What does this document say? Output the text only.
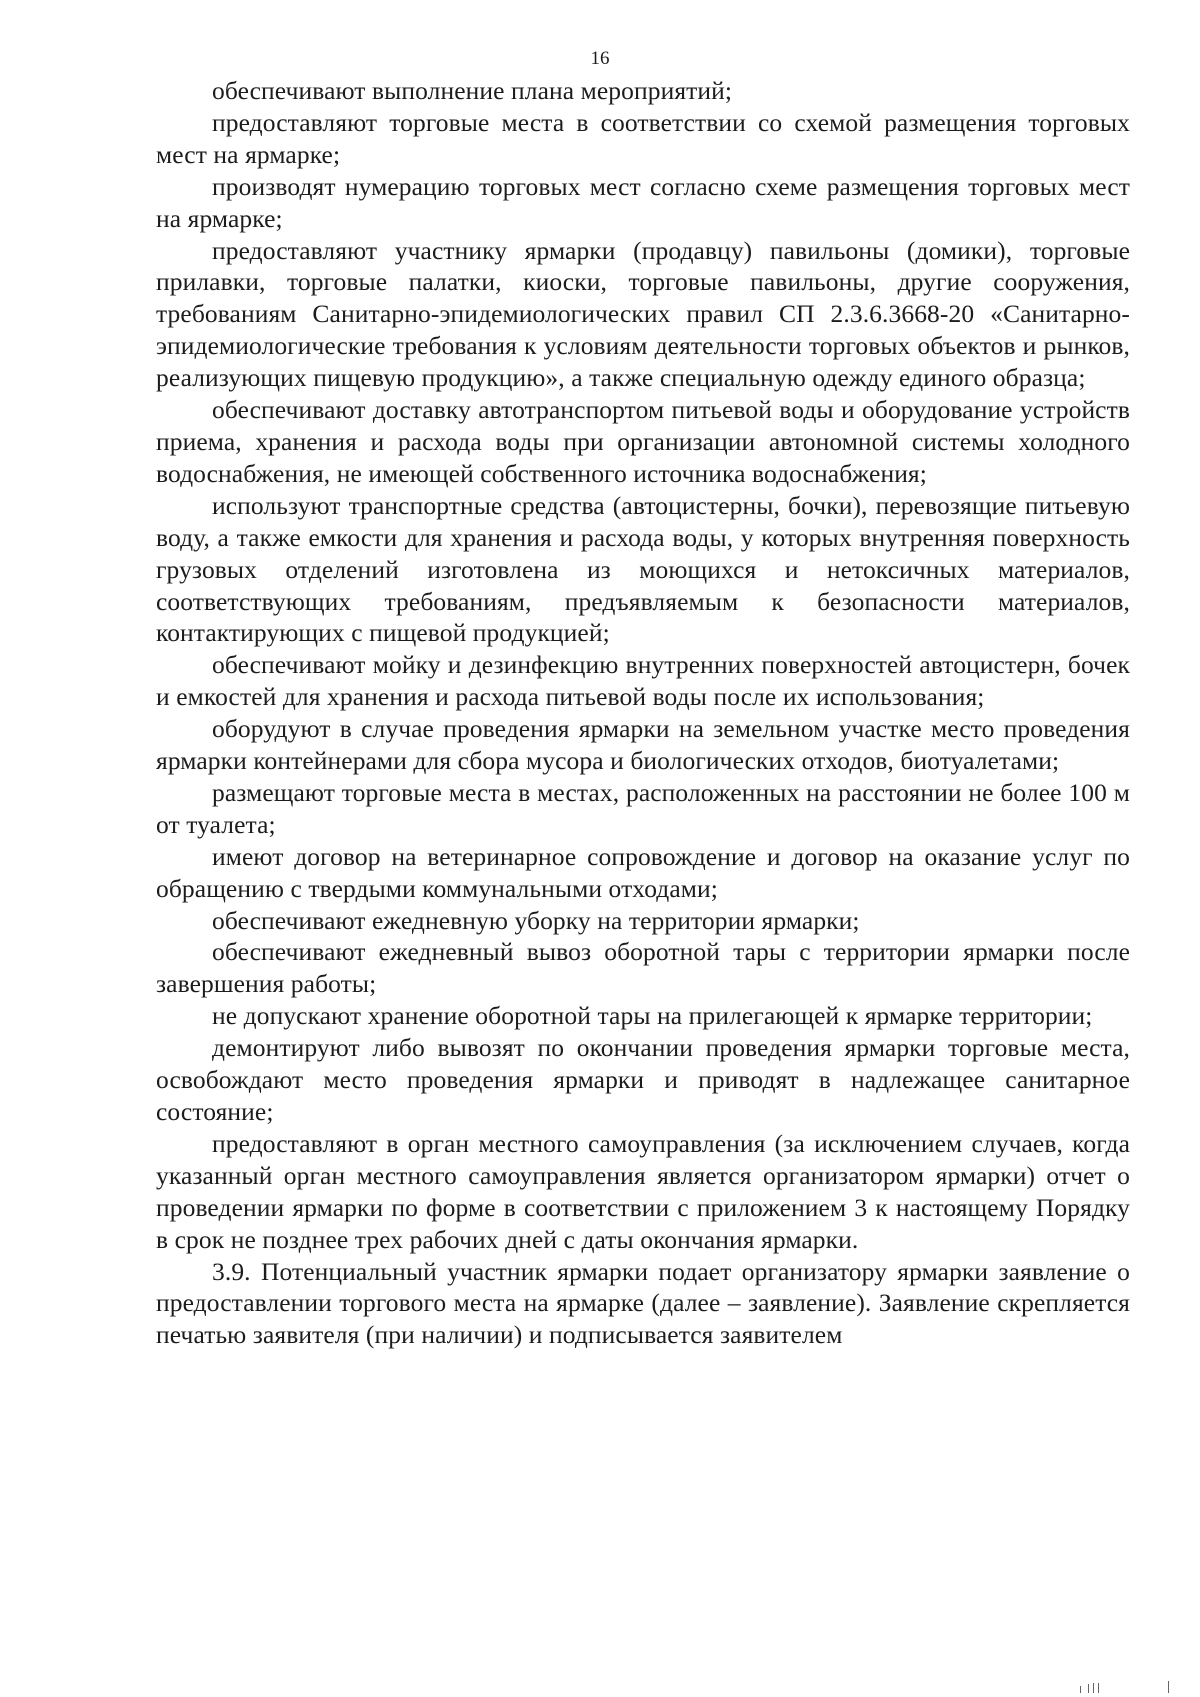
16

обеспечивают выполнение плана мероприятий;

предоставляют торговые места в соответствии со схемой размещения торговых мест на ярмарке;

производят нумерацию торговых мест согласно схеме размещения торговых мест на ярмарке;

предоставляют участнику ярмарки (продавцу) павильоны (домики), торговые прилавки, торговые палатки, киоски, торговые павильоны, другие сооружения, требованиям Санитарно-эпидемиологических правил СП 2.3.6.3668-20 «Санитарно-эпидемиологические требования к условиям деятельности торговых объектов и рынков, реализующих пищевую продукцию», а также специальную одежду единого образца;

обеспечивают доставку автотранспортом питьевой воды и оборудование устройств приема, хранения и расхода воды при организации автономной системы холодного водоснабжения, не имеющей собственного источника водоснабжения;

используют транспортные средства (автоцистерны, бочки), перевозящие питьевую воду, а также емкости для хранения и расхода воды, у которых внутренняя поверхность грузовых отделений изготовлена из моющихся и нетоксичных материалов, соответствующих требованиям, предъявляемым к безопасности материалов, контактирующих с пищевой продукцией;

обеспечивают мойку и дезинфекцию внутренних поверхностей автоцистерн, бочек и емкостей для хранения и расхода питьевой воды после их использования;

оборудуют в случае проведения ярмарки на земельном участке место проведения ярмарки контейнерами для сбора мусора и биологических отходов, биотуалетами;

размещают торговые места в местах, расположенных на расстоянии не более 100 м от туалета;

имеют договор на ветеринарное сопровождение и договор на оказание услуг по обращению с твердыми коммунальными отходами;

обеспечивают ежедневную уборку на территории ярмарки;

обеспечивают ежедневный вывоз оборотной тары с территории ярмарки после завершения работы;

не допускают хранение оборотной тары на прилегающей к ярмарке территории;

демонтируют либо вывозят по окончании проведения ярмарки торговые места, освобождают место проведения ярмарки и приводят в надлежащее санитарное состояние;

предоставляют в орган местного самоуправления (за исключением случаев, когда указанный орган местного самоуправления является организатором ярмарки) отчет о проведении ярмарки по форме в соответствии с приложением 3 к настоящему Порядку в срок не позднее трех рабочих дней с даты окончания ярмарки.

3.9. Потенциальный участник ярмарки подает организатору ярмарки заявление о предоставлении торгового места на ярмарке (далее – заявление). Заявление скрепляется печатью заявителя (при наличии) и подписывается заявителем
